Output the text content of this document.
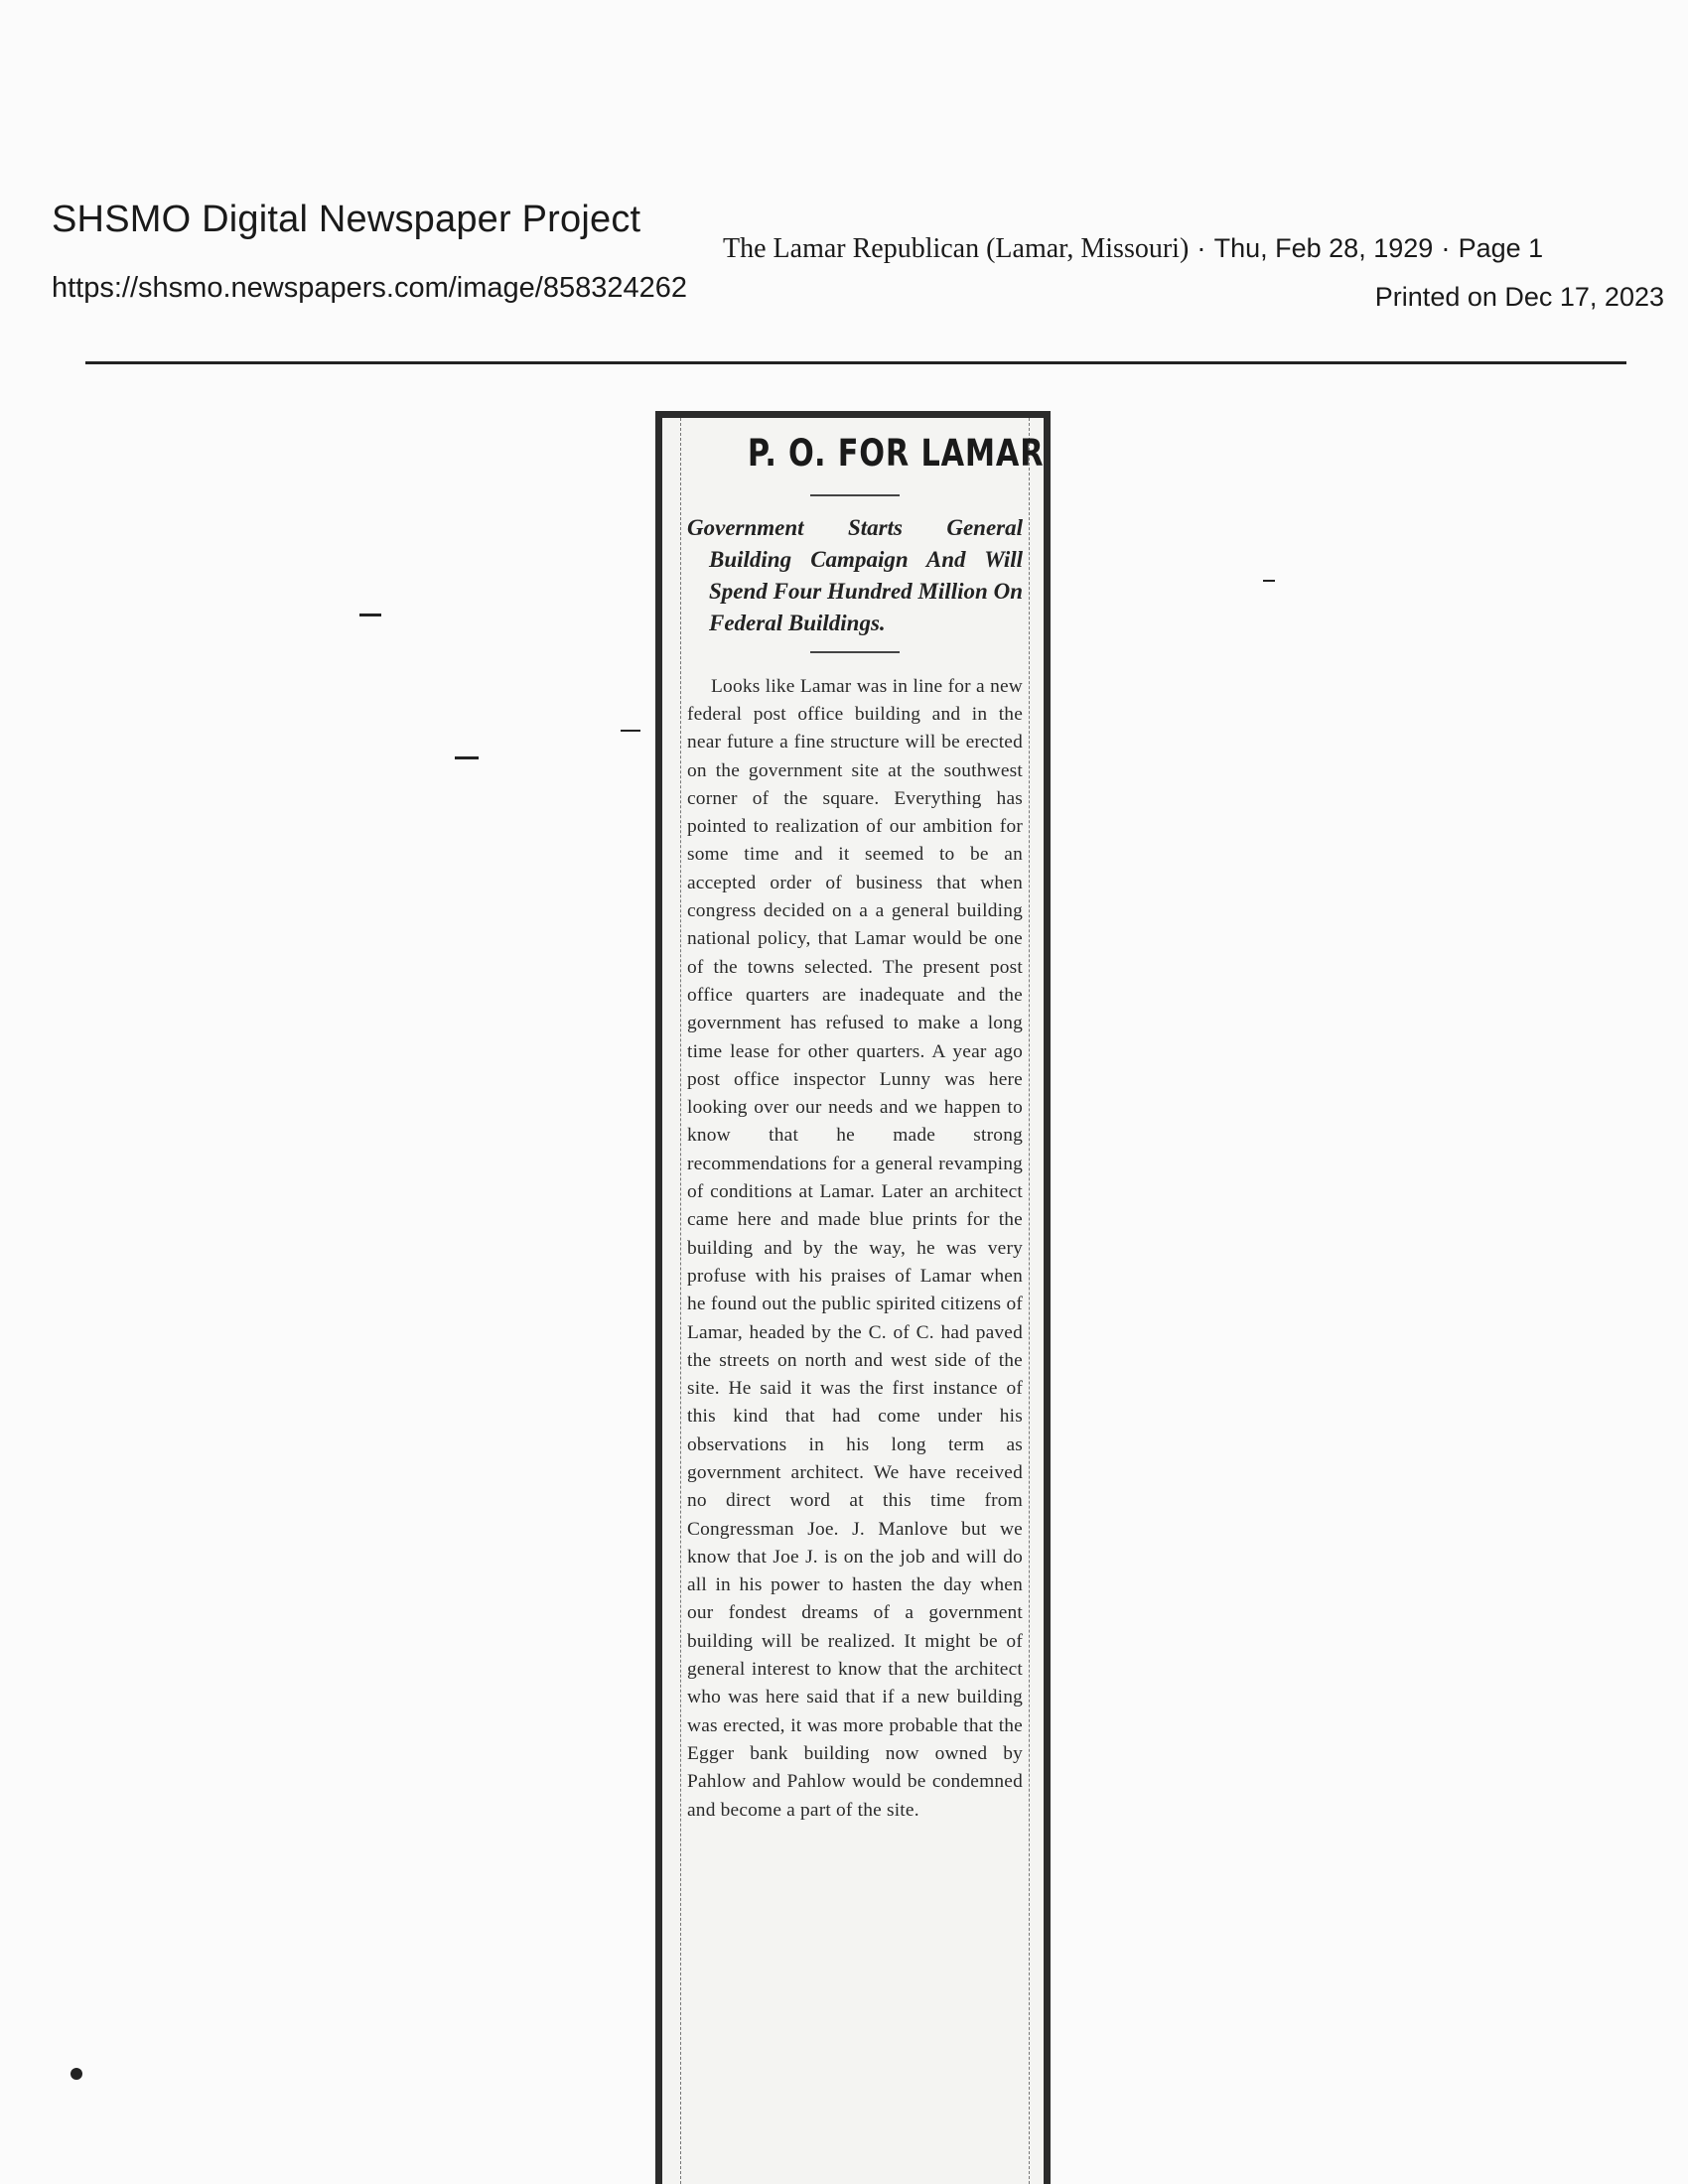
SHSMO Digital Newspaper Project
https://shsmo.newspapers.com/image/858324262
The Lamar Republican (Lamar, Missouri) · Thu, Feb 28, 1929 · Page 1
Printed on Dec 17, 2023
P. O. FOR LAMAR
Government Starts General Building Campaign And Will Spend Four Hundred Million On Federal Buildings.
Looks like Lamar was in line for a new federal post office building and in the near future a fine structure will be erected on the government site at the southwest corner of the square. Everything has pointed to realization of our ambition for some time and it seemed to be an accepted order of business that when congress decided on a a general building national policy, that Lamar would be one of the towns selected. The present post office quarters are inadequate and the government has refused to make a long time lease for other quarters. A year ago post office inspector Lunny was here looking over our needs and we happen to know that he made strong recommendations for a general revamping of conditions at Lamar. Later an architect came here and made blue prints for the building and by the way, he was very profuse with his praises of Lamar when he found out the public spirited citizens of Lamar, headed by the C. of C. had paved the streets on north and west side of the site. He said it was the first instance of this kind that had come under his observations in his long term as government architect. We have received no direct word at this time from Congressman Joe. J. Manlove but we know that Joe J. is on the job and will do all in his power to hasten the day when our fondest dreams of a government building will be realized. It might be of general interest to know that the architect who was here said that if a new building was erected, it was more probable that the Egger bank building now owned by Pahlow and Pahlow would be condemned and become a part of the site.
